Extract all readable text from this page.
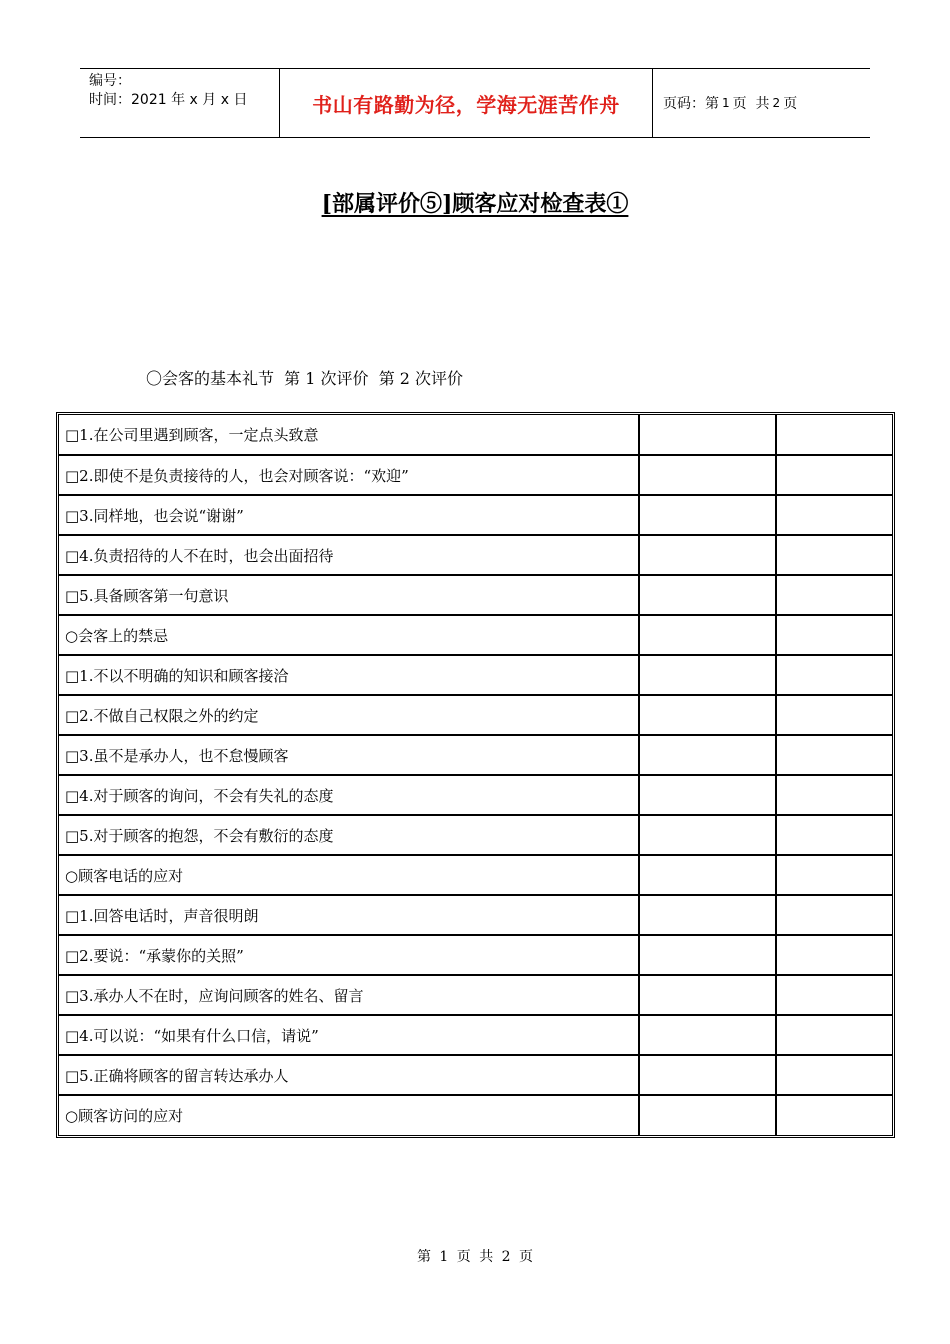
编号：
时间：2021 年 x 月 x 日	书山有路勤为径，学海无涯苦作舟	页码：第 1 页  共 2 页
[部属评价⑤]顾客应对检查表①
〇会客的基本礼节  第 1 次评价  第 2 次评价
□1.在公司里遇到顾客，一定点头致意		
□2.即使不是负责接待的人，也会对顾客说：“欢迎”		
□3.同样地，也会说“谢谢”		
□4.负责招待的人不在时，也会出面招待		
□5.具备顾客第一句意识		
○会客上的禁忌		
□1.不以不明确的知识和顾客接洽		
□2.不做自己权限之外的约定		
□3.虽不是承办人，也不怠慢顾客		
□4.对于顾客的询问，不会有失礼的态度		
□5.对于顾客的抱怨，不会有敷衍的态度		
○顾客电话的应对		
□1.回答电话时，声音很明朗		
□2.要说：“承蒙你的关照”		
□3.承办人不在时，应询问顾客的姓名、留言		
□4.可以说：“如果有什么口信，请说”		
□5.正确将顾客的留言转达承办人		
○顾客访问的应对		
第 1 页 共 2 页
